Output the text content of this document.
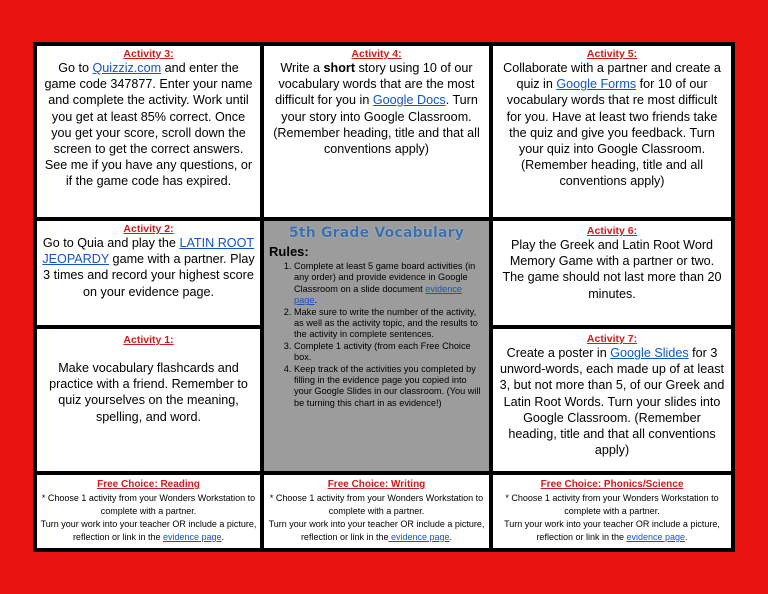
Activity 3:
Go to Quizziz.com and enter the game code 347877. Enter your name and complete the activity. Work until you get at least 85% correct. Once you get your score, scroll down the screen to get the correct answers. See me if you have any questions, or if the game code has expired.
Activity 4:
Write a short story using 10 of our vocabulary words that are the most difficult for you in Google Docs. Turn your story into Google Classroom. (Remember heading, title and that all conventions apply)
Activity 5:
Collaborate with a partner and create a quiz in Google Forms for 10 of our vocabulary words that re most difficult for you. Have at least two friends take the quiz and give you feedback. Turn your quiz into Google Classroom. (Remember heading, title and all conventions apply)
Activity 2:
Go to Quia and play the LATIN ROOT JEOPARDY game with a partner. Play 3 times and record your highest score on your evidence page.
5th Grade Vocabulary
Rules:
1. Complete at least 5 game board activities (in any order) and provide evidence in Google Classroom on a slide document evidence page.
2. Make sure to write the number of the activity, as well as the activity topic, and the results to the activity in complete sentences.
3. Complete 1 activity (from each Free Choice box.
4. Keep track of the activities you completed by filling in the evidence page you copied into your Google Slides in our classroom. (You will be turning this chart in as evidence!)
Activity 6:
Play the Greek and Latin Root Word Memory Game with a partner or two. The game should not last more than 20 minutes.
Activity 1:
Make vocabulary flashcards and practice with a friend. Remember to quiz yourselves on the meaning, spelling, and word.
Activity 7:
Create a poster in Google Slides for 3 unword-words, each made up of at least 3, but not more than 5, of our Greek and Latin Root Words. Turn your slides into Google Classroom. (Remember heading, title and that all conventions apply)
Free Choice: Reading
* Choose 1 activity from your Wonders Workstation to complete with a partner.
Turn your work into your teacher OR include a picture, reflection or link in the evidence page.
Free Choice: Writing
* Choose 1 activity from your Wonders Workstation to complete with a partner.
Turn your work into your teacher OR include a picture, reflection or link in the evidence page.
Free Choice: Phonics/Science
* Choose 1 activity from your Wonders Workstation to complete with a partner.
Turn your work into your teacher OR include a picture, reflection or link in the evidence page.
